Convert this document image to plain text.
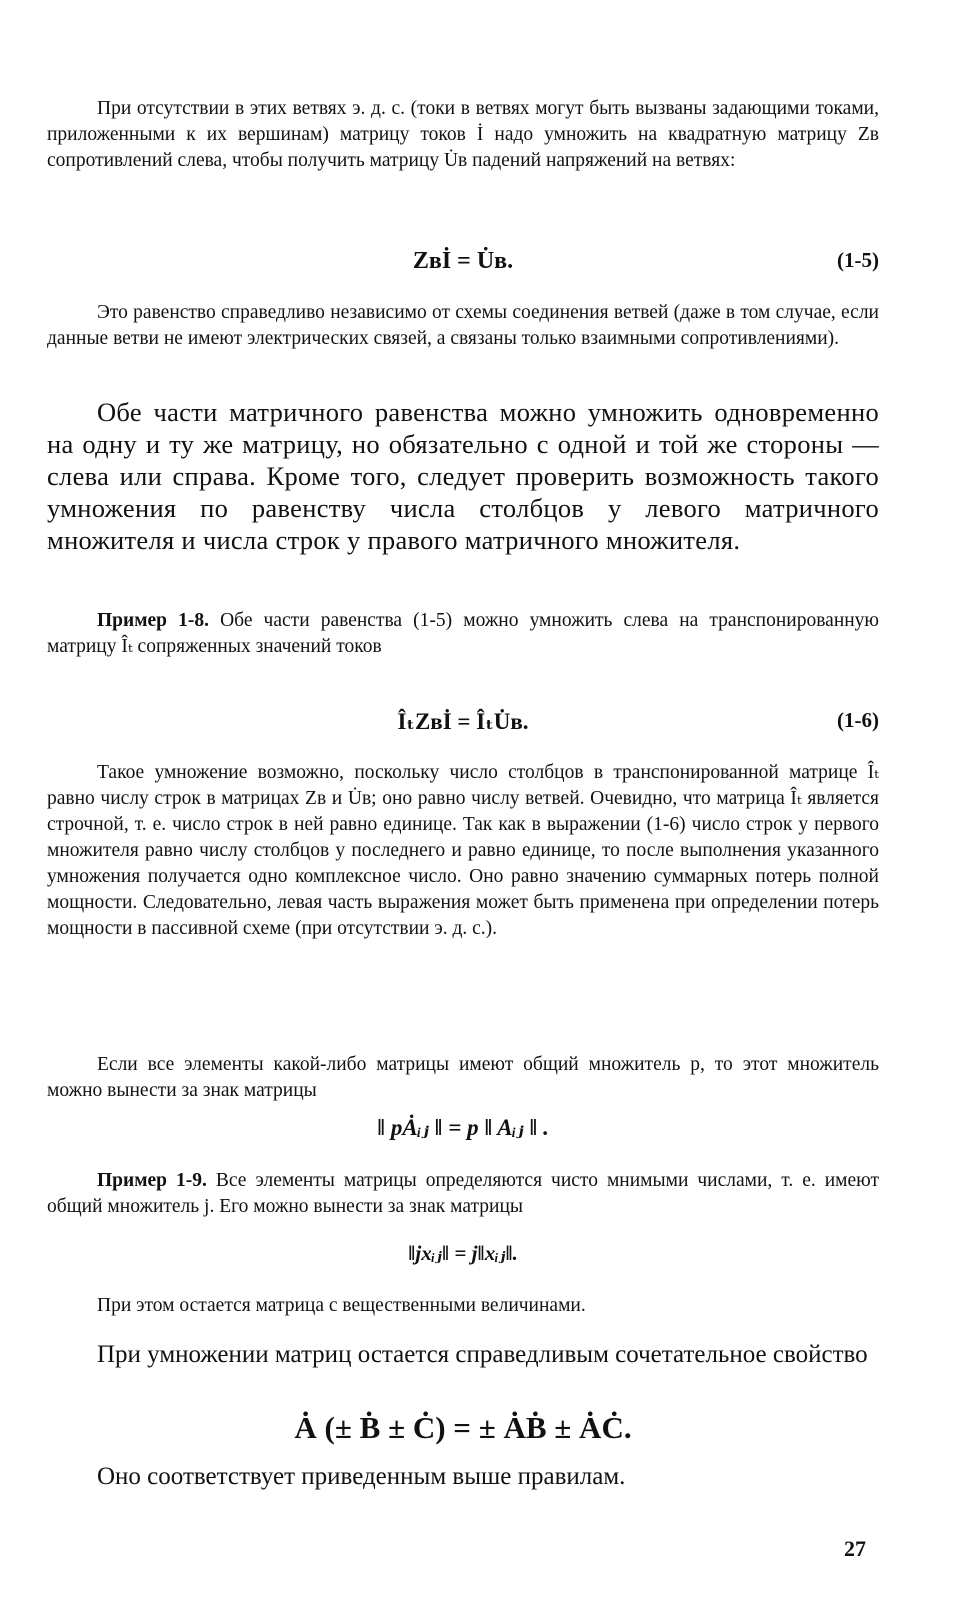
При отсутствии в этих ветвях э. д. с. (токи в ветвях могут быть вызваны задающими токами, приложенными к их вершинам) матрицу токов İ надо умножить на квадратную матрицу Zв сопротивлений слева, чтобы получить матрицу U̇в падений напряжений на ветвях:

Zвİ = U̇в.	(1-5)

Это равенство справедливо независимо от схемы соединения ветвей (даже в том случае, если данные ветви не имеют электрических связей, а связаны только взаимными сопротивлениями).

Обе части матричного равенства можно умножить одновременно на одну и ту же матрицу, но обязательно с одной и той же стороны — слева или справа. Кроме того, следует проверить возможность такого умножения по равенству числа столбцов у левого матричного множителя и числа строк у правого матричного множителя.

Пример 1-8. Обе части равенства (1-5) можно умножить слева на транспонированную матрицу Îₜ сопряженных значений токов

ÎₜZвİ = ÎₜU̇в.	(1-6)

Такое умножение возможно, поскольку число столбцов в транспонированной матрице Îₜ равно числу строк в матрицах Zв и U̇в; оно равно числу ветвей. Очевидно, что матрица Îₜ является строчной, т. е. число строк в ней равно единице. Так как в выражении (1-6) число строк у первого множителя равно числу столбцов у последнего и равно единице, то после выполнения указанного умножения получается одно комплексное число. Оно равно значению суммарных потерь полной мощности. Следовательно, левая часть выражения может быть применена при определении потерь мощности в пассивной схеме (при отсутствии э. д. с.).

Если все элементы какой-либо матрицы имеют общий множитель p, то этот множитель можно вынести за знак матрицы

‖ pȦᵢⱼ ‖ = p ‖ Aᵢⱼ ‖ .

Пример 1-9. Все элементы матрицы определяются чисто мнимыми числами, т. е. имеют общий множитель j. Его можно вынести за знак матрицы

‖jxᵢⱼ‖ = j‖xᵢⱼ‖.

При этом остается матрица с вещественными величинами.

При умножении матриц остается справедливым сочетательное свойство

Ȧ (± Ḃ ± Ċ) = ± ȦḂ ± ȦĊ.

Оно соответствует приведенным выше правилам.

27
